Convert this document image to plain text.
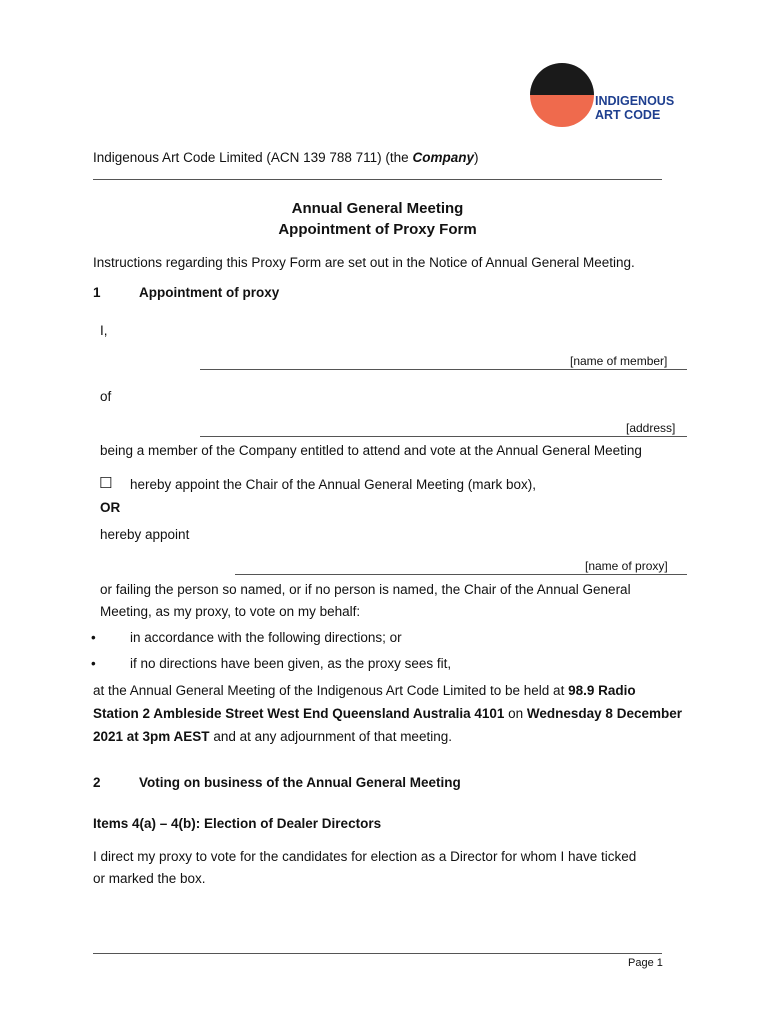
INDIGENOUS
ART CODE
Indigenous Art Code Limited (ACN 139 788 711) (the Company)
Annual General Meeting
Appointment of Proxy Form
Instructions regarding this Proxy Form are set out in the Notice of Annual General Meeting.
1	Appointment of proxy
I,
[name of member]
of
[address]
being a member of the Company entitled to attend and vote at the Annual General Meeting
☐ hereby appoint the Chair of the Annual General Meeting (mark box),
OR
hereby appoint
[name of proxy]
or failing the person so named, or if no person is named, the Chair of the Annual General
Meeting, as my proxy, to vote on my behalf:
•	in accordance with the following directions; or
•	if no directions have been given, as the proxy sees fit,
at the Annual General Meeting of the Indigenous Art Code Limited to be held at 98.9 Radio
Station 2 Ambleside Street West End Queensland Australia 4101 on Wednesday 8 December
2021 at 3pm AEST and at any adjournment of that meeting.
2	Voting on business of the Annual General Meeting
Items 4(a) – 4(b): Election of Dealer Directors
I direct my proxy to vote for the candidates for election as a Director for whom I have ticked
or marked the box.
Page 1
